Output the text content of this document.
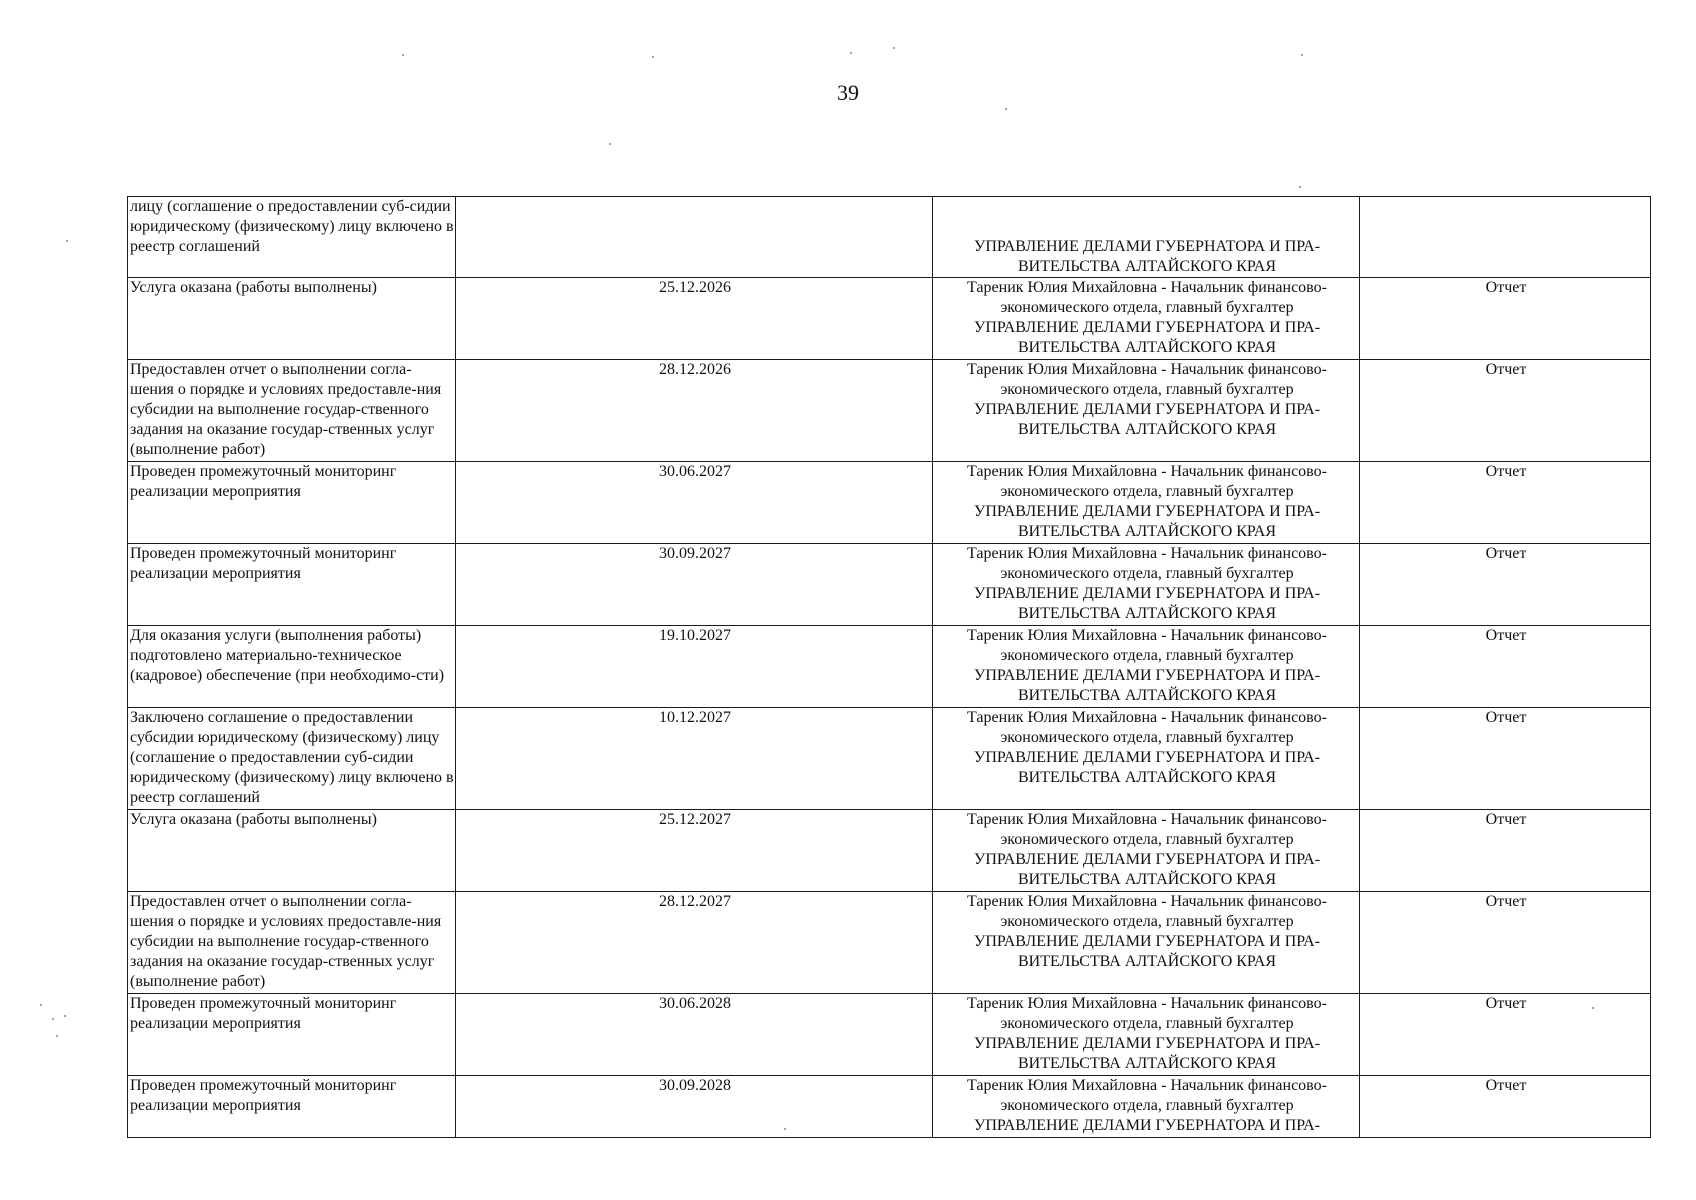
39
лицу (соглашение о предоставлении суб-сидии юридическому (физическому) лицу включено в реестр соглашений		УПРАВЛЕНИЕ ДЕЛАМИ ГУБЕРНАТОРА И ПРА-
ВИТЕЛЬСТВА АЛТАЙСКОГО КРАЯ	

Услуга оказана (работы выполнены)	25.12.2026	Тареник Юлия Михайловна - Начальник финансово-
экономического отдела, главный бухгалтер
УПРАВЛЕНИЕ ДЕЛАМИ ГУБЕРНАТОРА И ПРА-
ВИТЕЛЬСТВА АЛТАЙСКОГО КРАЯ	Отчет
Предоставлен отчет о выполнении согла-шения о порядке и условиях предоставле-ния субсидии на выполнение государ-ственного задания на оказание государ-ственных услуг (выполнение работ)	28.12.2026	Тареник Юлия Михайловна - Начальник финансово-
экономического отдела, главный бухгалтер
УПРАВЛЕНИЕ ДЕЛАМИ ГУБЕРНАТОРА И ПРА-
ВИТЕЛЬСТВА АЛТАЙСКОГО КРАЯ	Отчет
Проведен промежуточный мониторинг реализации мероприятия	30.06.2027	Тареник Юлия Михайловна - Начальник финансово-
экономического отдела, главный бухгалтер
УПРАВЛЕНИЕ ДЕЛАМИ ГУБЕРНАТОРА И ПРА-
ВИТЕЛЬСТВА АЛТАЙСКОГО КРАЯ	Отчет
Проведен промежуточный мониторинг реализации мероприятия	30.09.2027	Тареник Юлия Михайловна - Начальник финансово-
экономического отдела, главный бухгалтер
УПРАВЛЕНИЕ ДЕЛАМИ ГУБЕРНАТОРА И ПРА-
ВИТЕЛЬСТВА АЛТАЙСКОГО КРАЯ	Отчет
Для оказания услуги (выполнения работы) подготовлено материально-техническое (кадровое) обеспечение (при необходимо-сти)	19.10.2027	Тареник Юлия Михайловна - Начальник финансово-
экономического отдела, главный бухгалтер
УПРАВЛЕНИЕ ДЕЛАМИ ГУБЕРНАТОРА И ПРА-
ВИТЕЛЬСТВА АЛТАЙСКОГО КРАЯ	Отчет
Заключено соглашение о предоставлении субсидии юридическому (физическому) лицу (соглашение о предоставлении суб-сидии юридическому (физическому) лицу включено в реестр соглашений	10.12.2027	Тареник Юлия Михайловна - Начальник финансово-
экономического отдела, главный бухгалтер
УПРАВЛЕНИЕ ДЕЛАМИ ГУБЕРНАТОРА И ПРА-
ВИТЕЛЬСТВА АЛТАЙСКОГО КРАЯ	Отчет
Услуга оказана (работы выполнены)	25.12.2027	Тареник Юлия Михайловна - Начальник финансово-
экономического отдела, главный бухгалтер
УПРАВЛЕНИЕ ДЕЛАМИ ГУБЕРНАТОРА И ПРА-
ВИТЕЛЬСТВА АЛТАЙСКОГО КРАЯ	Отчет
Предоставлен отчет о выполнении согла-шения о порядке и условиях предоставле-ния субсидии на выполнение государ-ственного задания на оказание государ-ственных услуг (выполнение работ)	28.12.2027	Тареник Юлия Михайловна - Начальник финансово-
экономического отдела, главный бухгалтер
УПРАВЛЕНИЕ ДЕЛАМИ ГУБЕРНАТОРА И ПРА-
ВИТЕЛЬСТВА АЛТАЙСКОГО КРАЯ	Отчет
Проведен промежуточный мониторинг реализации мероприятия	30.06.2028	Тареник Юлия Михайловна - Начальник финансово-
экономического отдела, главный бухгалтер
УПРАВЛЕНИЕ ДЕЛАМИ ГУБЕРНАТОРА И ПРА-
ВИТЕЛЬСТВА АЛТАЙСКОГО КРАЯ	Отчет
Проведен промежуточный мониторинг реализации мероприятия	30.09.2028	Тареник Юлия Михайловна - Начальник финансово-
экономического отдела, главный бухгалтер
УПРАВЛЕНИЕ ДЕЛАМИ ГУБЕРНАТОРА И ПРА-	Отчет
